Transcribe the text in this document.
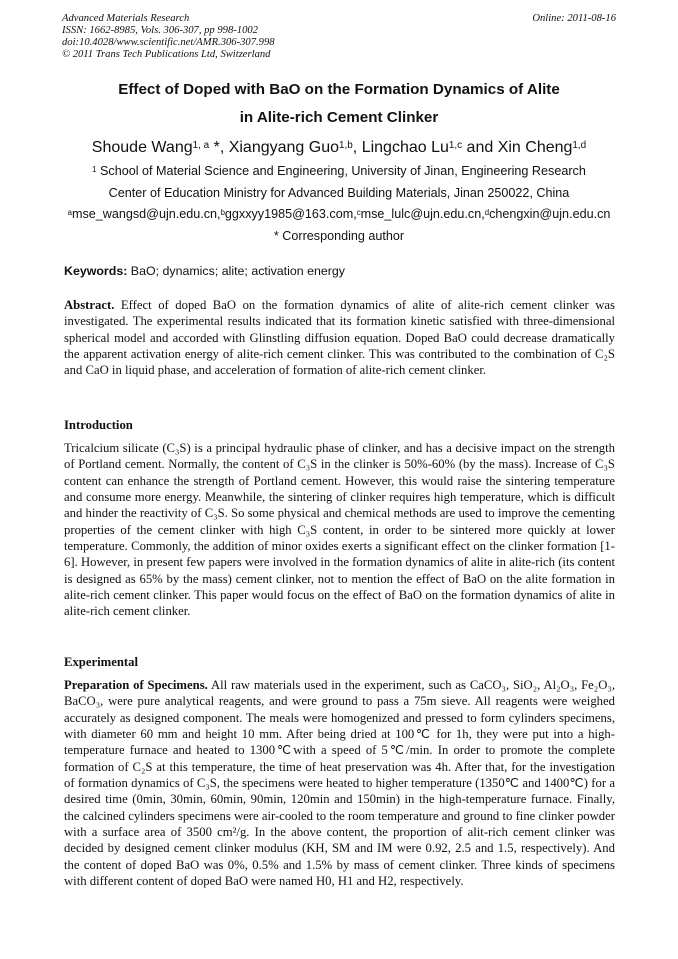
Advanced Materials Research
ISSN: 1662-8985, Vols. 306-307, pp 998-1002
doi:10.4028/www.scientific.net/AMR.306-307.998
© 2011 Trans Tech Publications Ltd, Switzerland
Online: 2011-08-16
Effect of Doped with BaO on the Formation Dynamics of Alite
in Alite-rich Cement Clinker
Shoude Wang$^{1, a}$ *, Xiangyang Guo$^{1,b}$, Lingchao Lu$^{1,c}$ and Xin Cheng$^{1,d}$
$^1$ School of Material Science and Engineering, University of Jinan, Engineering Research
Center of Education Ministry for Advanced Building Materials, Jinan 250022, China
$^a$mse_wangsd@ujn.edu.cn,$^b$ggxxyy1985@163.com,$^c$mse_lulc@ujn.edu.cn,$^d$chengxin@ujn.edu.cn
* Corresponding author
Keywords: BaO; dynamics; alite; activation energy
Abstract. Effect of doped BaO on the formation dynamics of alite of alite-rich cement clinker was investigated. The experimental results indicated that its formation kinetic satisfied with three-dimensional spherical model and accorded with Glinstling diffusion equation. Doped BaO could decrease dramatically the apparent activation energy of alite-rich cement clinker. This was contributed to the combination of C₂S and CaO in liquid phase, and acceleration of formation of alite-rich cement clinker.
Introduction
Tricalcium silicate (C₃S) is a principal hydraulic phase of clinker, and has a decisive impact on the strength of Portland cement. Normally, the content of C₃S in the clinker is 50%-60% (by the mass). Increase of C₃S content can enhance the strength of Portland cement. However, this would raise the sintering temperature and consume more energy. Meanwhile, the sintering of clinker requires high temperature, which is difficult and hinder the reactivity of C₃S. So some physical and chemical methods are used to improve the cementing properties of the cement clinker with high C₃S content, in order to be sintered more quickly at lower temperature. Commonly, the addition of minor oxides exerts a significant effect on the clinker formation [1-6]. However, in present few papers were involved in the formation dynamics of alite in alite-rich (its content is designed as 65% by the mass) cement clinker, not to mention the effect of BaO on the alite formation in alite-rich cement clinker. This paper would focus on the effect of BaO on the formation dynamics of alite in alite-rich cement clinker.
Experimental
Preparation of Specimens. All raw materials used in the experiment, such as CaCO₃, SiO₂, Al₂O₃, Fe₂O₃, BaCO₃, were pure analytical reagents, and were ground to pass a 75m sieve. All reagents were weighed accurately as designed component. The meals were homogenized and pressed to form cylinders specimens, with diameter 60 mm and height 10 mm. After being dried at 100℃ for 1h, they were put into a high-temperature furnace and heated to 1300℃with a speed of 5℃/min. In order to promote the complete formation of C₂S at this temperature, the time of heat preservation was 4h. After that, for the investigation of formation dynamics of C₃S, the specimens were heated to higher temperature (1350℃ and 1400℃) for a desired time (0min, 30min, 60min, 90min, 120min and 150min) in the high-temperature furnace. Finally, the calcined cylinders specimens were air-cooled to the room temperature and ground to fine clinker powder with a surface area of 3500 cm²/g. In the above content, the proportion of alit-rich cement clinker was decided by designed cement clinker modulus (KH, SM and IM were 0.92, 2.5 and 1.5, respectively). And the content of doped BaO was 0%, 0.5% and 1.5% by mass of cement clinker. Three kinds of specimens with different content of doped BaO were named H0, H1 and H2, respectively.
